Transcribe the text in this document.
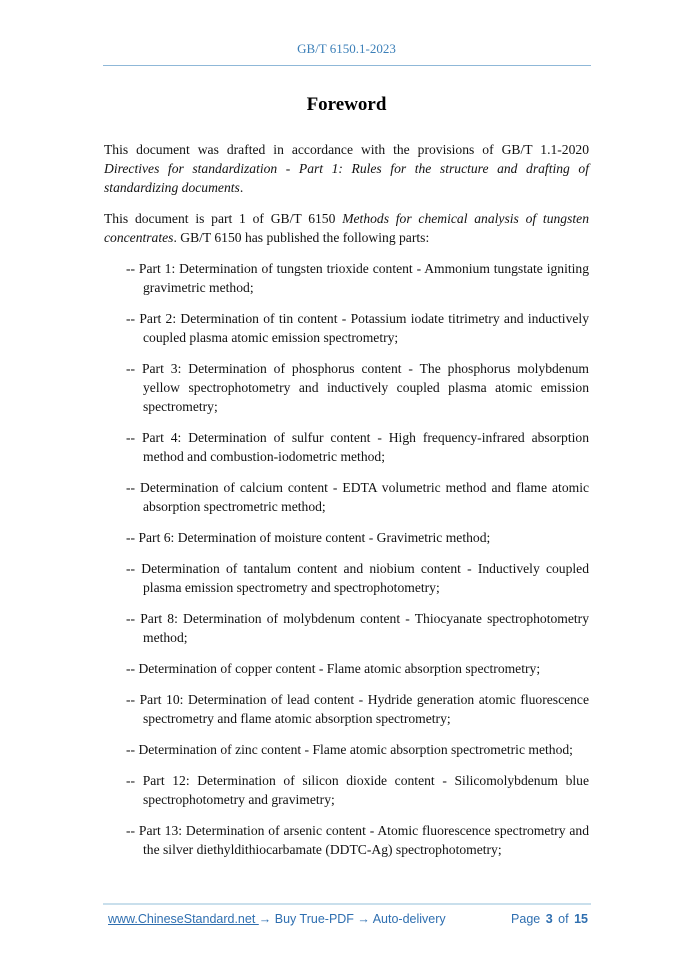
GB/T 6150.1-2023
Foreword

This document was drafted in accordance with the provisions of GB/T 1.1-2020 Directives for standardization - Part 1: Rules for the structure and drafting of standardizing documents.

This document is part 1 of GB/T 6150 Methods for chemical analysis of tungsten concentrates. GB/T 6150 has published the following parts:

-- Part 1: Determination of tungsten trioxide content - Ammonium tungstate igniting gravimetric method;
-- Part 2: Determination of tin content - Potassium iodate titrimetry and inductively coupled plasma atomic emission spectrometry;
-- Part 3: Determination of phosphorus content - The phosphorus molybdenum yellow spectrophotometry and inductively coupled plasma atomic emission spectrometry;
-- Part 4: Determination of sulfur content - High frequency-infrared absorption method and combustion-iodometric method;
-- Determination of calcium content - EDTA volumetric method and flame atomic absorption spectrometric method;
-- Part 6: Determination of moisture content - Gravimetric method;
-- Determination of tantalum content and niobium content - Inductively coupled plasma emission spectrometry and spectrophotometry;
-- Part 8: Determination of molybdenum content - Thiocyanate spectrophotometry method;
-- Determination of copper content - Flame atomic absorption spectrometry;
-- Part 10: Determination of lead content - Hydride generation atomic fluorescence spectrometry and flame atomic absorption spectrometry;
-- Determination of zinc content - Flame atomic absorption spectrometric method;
-- Part 12: Determination of silicon dioxide content - Silicomolybdenum blue spectrophotometry and gravimetry;
-- Part 13: Determination of arsenic content - Atomic fluorescence spectrometry and the silver diethyldithiocarbamate (DDTC-Ag) spectrophotometry;
www.ChineseStandard.net → Buy True-PDF → Auto-delivery	Page 3 of 15
